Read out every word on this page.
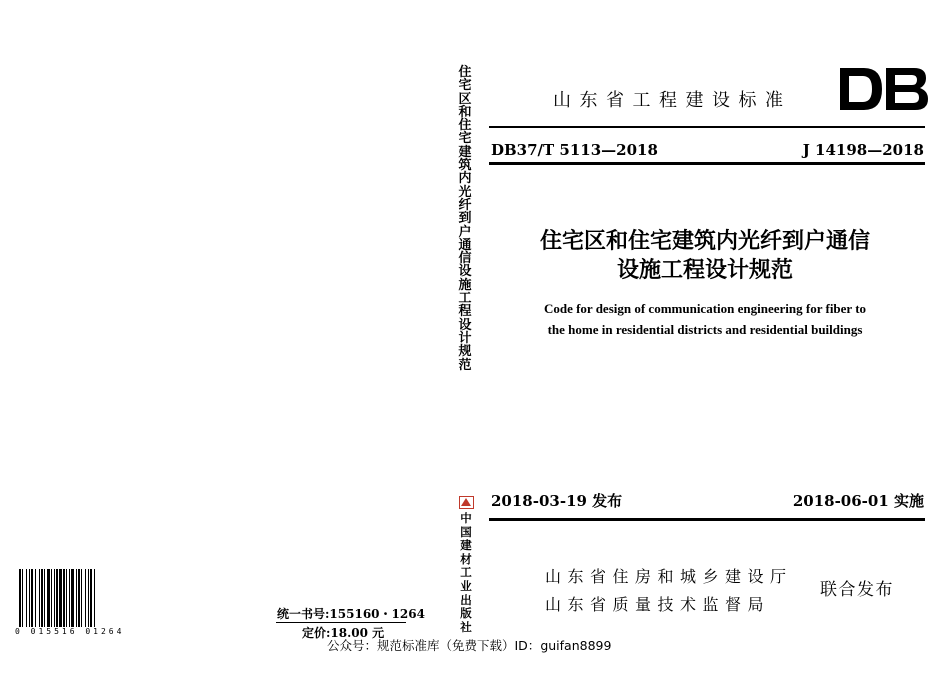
住宅区和住宅建筑内光纤到户通信设施工程设计规范
中国建材工业出版社
山东省工程建设标准
DB37/T 5113—2018	J 14198—2018
住宅区和住宅建筑内光纤到户通信
设施工程设计规范
Code for design of communication engineering for fiber to
the home in residential districts and residential buildings
2018-03-19 发布	2018-06-01 实施
山东省住房和城乡建设厅
山东省质量技术监督局
联合发布
0 015516 01264
统一书号:155160・1264
定价:18.00 元
公众号：规范标准库（免费下载）ID：guifan8899
